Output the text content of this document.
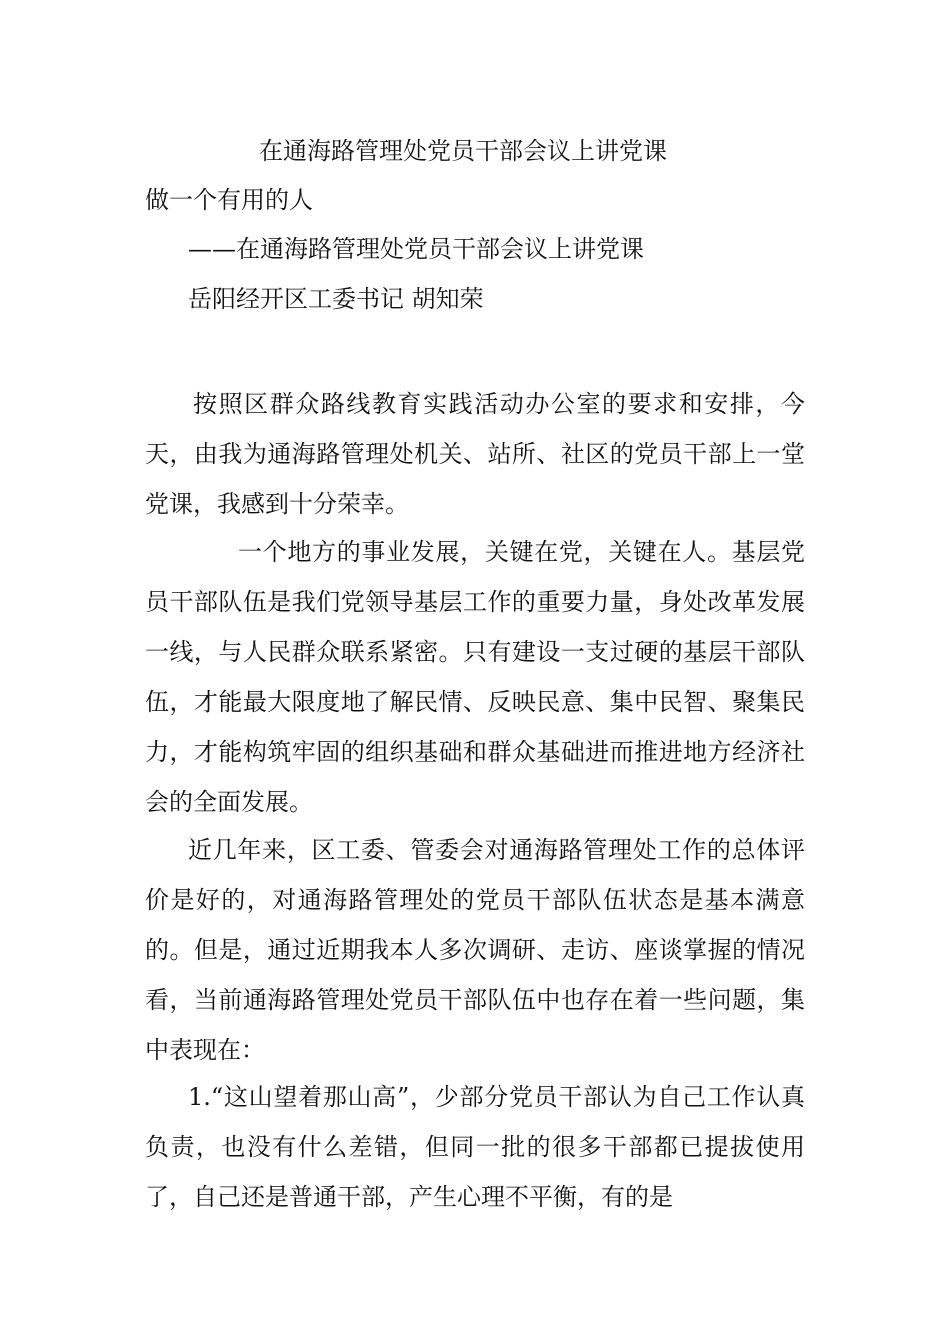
在通海路管理处党员干部会议上讲党课

做一个有用的人

——在通海路管理处党员干部会议上讲党课

岳阳经开区工委书记 胡知荣

按照区群众路线教育实践活动办公室的要求和安排，今天，由我为通海路管理处机关、站所、社区的党员干部上一堂党课，我感到十分荣幸。

一个地方的事业发展，关键在党，关键在人。基层党员干部队伍是我们党领导基层工作的重要力量，身处改革发展一线，与人民群众联系紧密。只有建设一支过硬的基层干部队伍，才能最大限度地了解民情、反映民意、集中民智、聚集民力，才能构筑牢固的组织基础和群众基础进而推进地方经济社会的全面发展。

近几年来，区工委、管委会对通海路管理处工作的总体评价是好的，对通海路管理处的党员干部队伍状态是基本满意的。但是，通过近期我本人多次调研、走访、座谈掌握的情况看，当前通海路管理处党员干部队伍中也存在着一些问题，集中表现在：

1.“这山望着那山高”，少部分党员干部认为自己工作认真负责，也没有什么差错，但同一批的很多干部都已提拔使用了，自己还是普通干部，产生心理不平衡，有的是
